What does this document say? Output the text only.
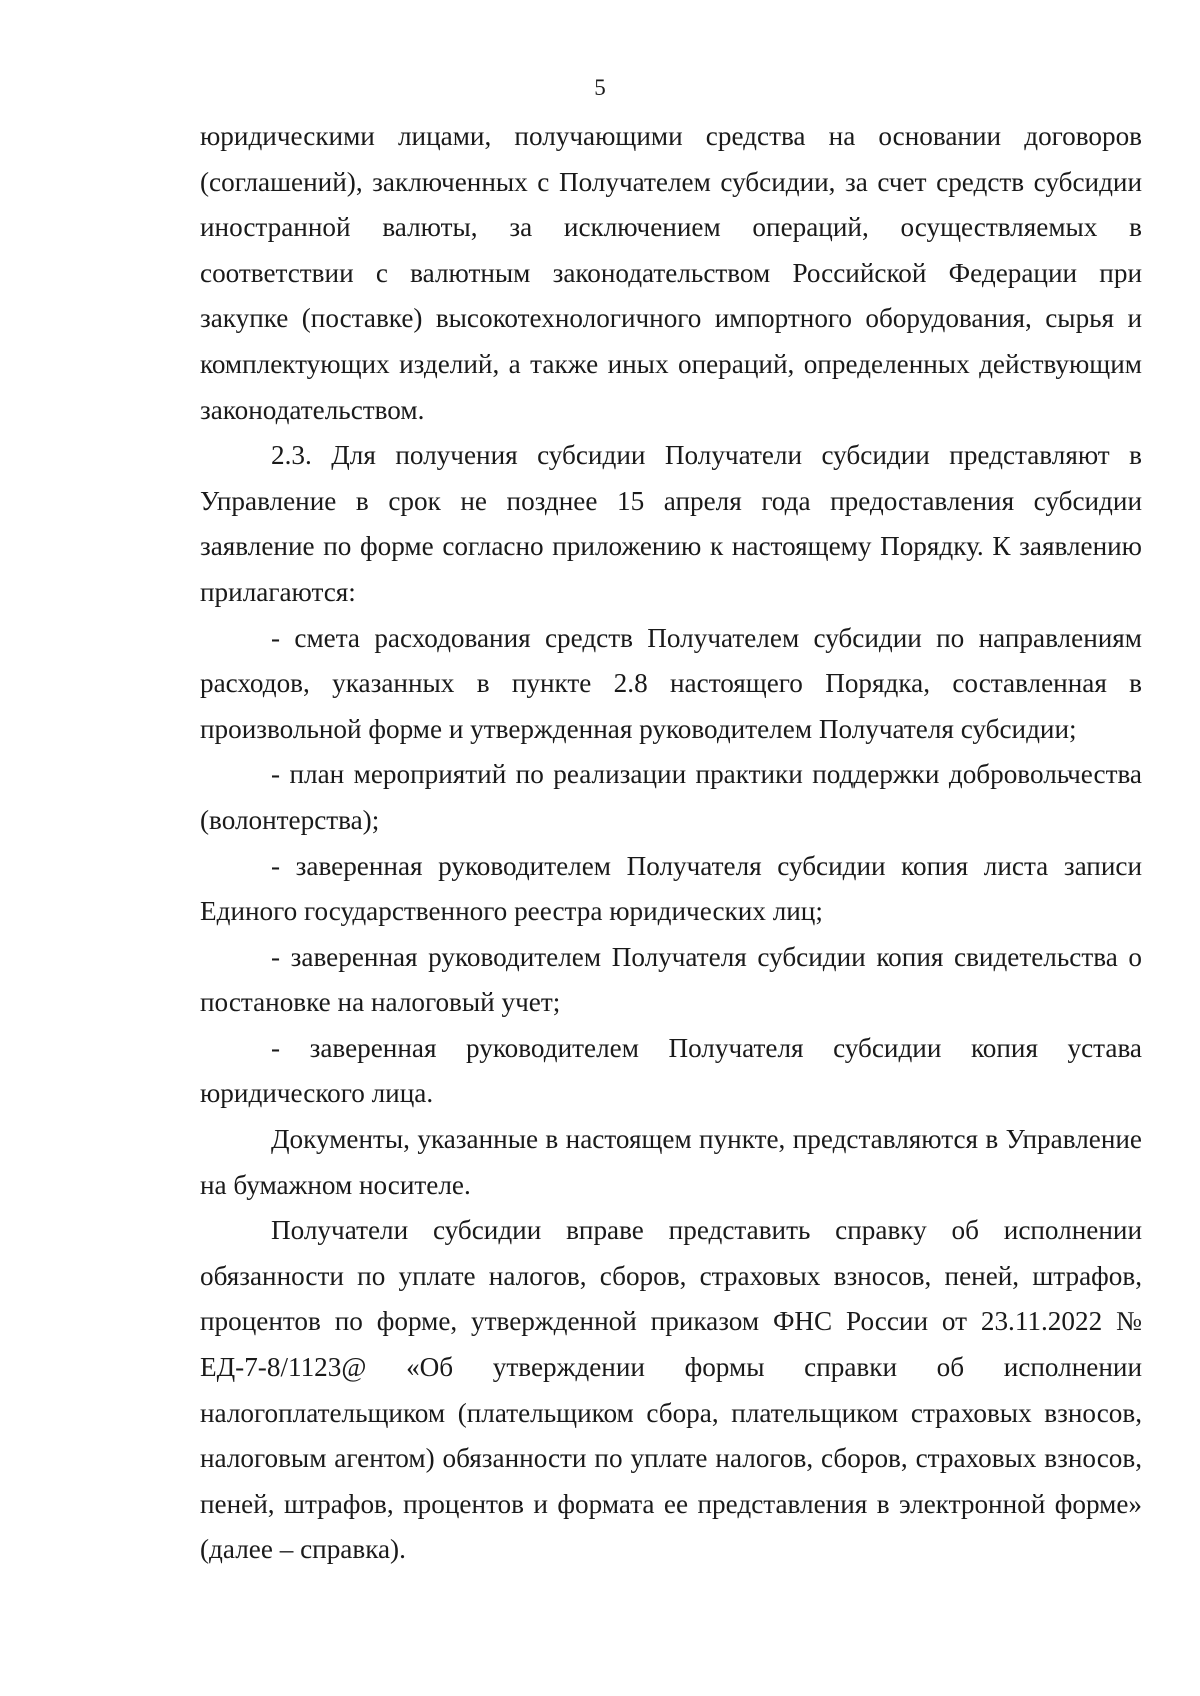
5

юридическими лицами, получающими средства на основании договоров (соглашений), заключенных с Получателем субсидии, за счет средств субсидии иностранной валюты, за исключением операций, осуществляемых в соответствии с валютным законодательством Российской Федерации при закупке (поставке) высокотехнологичного импортного оборудования, сырья и комплектующих изделий, а также иных операций, определенных действующим законодательством.

2.3. Для получения субсидии Получатели субсидии представляют в Управление в срок не позднее 15 апреля года предоставления субсидии заявление по форме согласно приложению к настоящему Порядку. К заявлению прилагаются:

- смета расходования средств Получателем субсидии по направлениям расходов, указанных в пункте 2.8 настоящего Порядка, составленная в произвольной форме и утвержденная руководителем Получателя субсидии;

- план мероприятий по реализации практики поддержки добровольчества (волонтерства);

- заверенная руководителем Получателя субсидии копия листа записи Единого государственного реестра юридических лиц;

- заверенная руководителем Получателя субсидии копия свидетельства о постановке на налоговый учет;

- заверенная руководителем Получателя субсидии копия устава юридического лица.

Документы, указанные в настоящем пункте, представляются в Управление на бумажном носителе.

Получатели субсидии вправе представить справку об исполнении обязанности по уплате налогов, сборов, страховых взносов, пеней, штрафов, процентов по форме, утвержденной приказом ФНС России от 23.11.2022 № ЕД-7-8/1123@ «Об утверждении формы справки об исполнении налогоплательщиком (плательщиком сбора, плательщиком страховых взносов, налоговым агентом) обязанности по уплате налогов, сборов, страховых взносов, пеней, штрафов, процентов и формата ее представления в электронной форме» (далее – справка).
